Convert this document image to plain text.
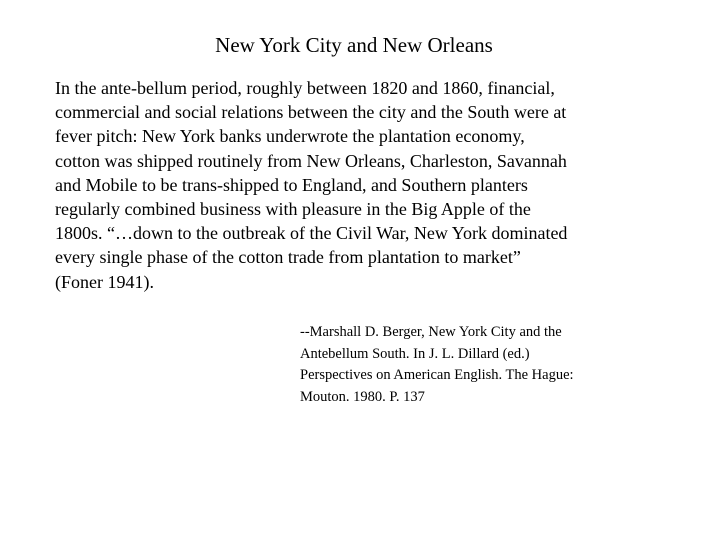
New York City and New Orleans

In the ante-bellum period, roughly between 1820 and 1860, financial,
commercial and social relations between the city and the South were at
fever pitch: New York banks underwrote the plantation economy,
cotton was shipped routinely from New Orleans, Charleston, Savannah
and Mobile to be trans-shipped to England, and Southern planters
regularly combined business with pleasure in the Big Apple of the
1800s. “…down to the outbreak of the Civil War, New York dominated
every single phase of the cotton trade from plantation to market”
(Foner 1941).

--Marshall D. Berger, New York City and the
Antebellum South. In J. L. Dillard (ed.)
Perspectives on American English. The Hague:
Mouton. 1980. P. 137
